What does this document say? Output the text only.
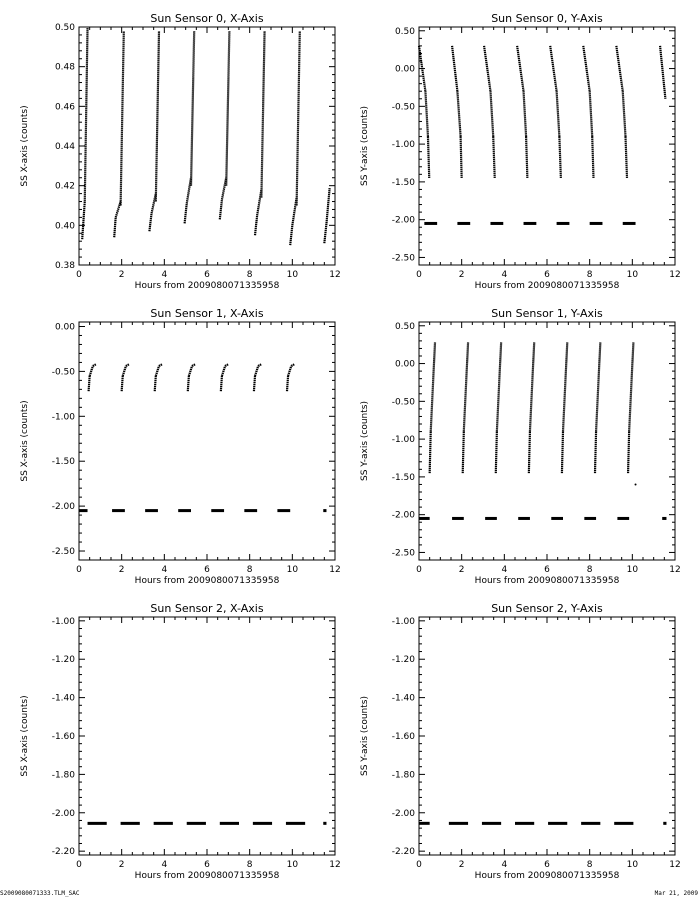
Sun Sensor 0, X-Axis
Hours from 2009080071335958
SS X-axis (counts)
0	2	4	6	8	10	12
0.38
0.40
0.42
0.44
0.46
0.48
0.50
Sun Sensor 0, Y-Axis
Hours from 2009080071335958
SS Y-axis (counts)
0	2	4	6	8	10	12
-2.50
-2.00
-1.50
-1.00
-0.50
0.00
0.50
Sun Sensor 1, X-Axis
Hours from 2009080071335958
SS X-axis (counts)
0	2	4	6	8	10	12
-2.50
-2.00
-1.50
-1.00
-0.50
0.00
Sun Sensor 1, Y-Axis
Hours from 2009080071335958
SS Y-axis (counts)
0	2	4	6	8	10	12
-2.50
-2.00
-1.50
-1.00
-0.50
0.00
0.50
Sun Sensor 2, X-Axis
Hours from 2009080071335958
SS X-axis (counts)
0	2	4	6	8	10	12
-2.20
-2.00
-1.80
-1.60
-1.40
-1.20
-1.00
Sun Sensor 2, Y-Axis
Hours from 2009080071335958
SS Y-axis (counts)
0	2	4	6	8	10	12
-2.20
-2.00
-1.80
-1.60
-1.40
-1.20
-1.00
S2009080071333.TLM_SAC	Mar 21, 2009
